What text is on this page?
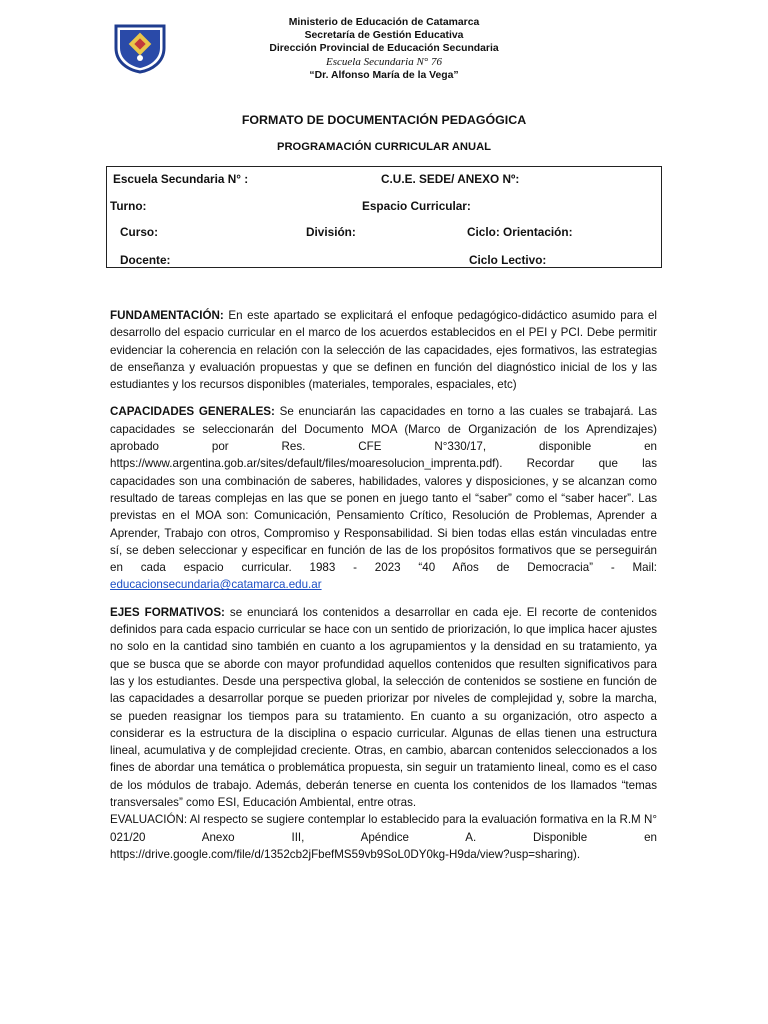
Ministerio de Educación de Catamarca
Secretaría de Gestión Educativa
Dirección Provincial de Educación Secundaria
Escuela Secundaria N° 76
“Dr. Alfonso María de la Vega”
FORMATO DE DOCUMENTACIÓN PEDAGÓGICA
PROGRAMACIÓN CURRICULAR ANUAL
Escuela Secundaria N° :	C.U.E. SEDE/ ANEXO Nº:
Turno:	Espacio Curricular:
Curso:	División:	Ciclo: Orientación:
Docente:	Ciclo Lectivo:

FUNDAMENTACIÓN: En este apartado se explicitará el enfoque pedagógico-didáctico asumido para el desarrollo del espacio curricular en el marco de los acuerdos establecidos en el PEI y PCI. Debe permitir evidenciar la coherencia en relación con la selección de las capacidades, ejes formativos, las estrategias de enseñanza y evaluación propuestas y que se definen en función del diagnóstico inicial de los y las estudiantes y los recursos disponibles (materiales, temporales, espaciales, etc)

CAPACIDADES GENERALES: Se enunciarán las capacidades en torno a las cuales se trabajará. Las capacidades se seleccionarán del Documento MOA (Marco de Organización de los Aprendizajes) aprobado por Res. CFE N°330/17, disponible en https://www.argentina.gob.ar/sites/default/files/moaresolucion_imprenta.pdf). Recordar que las capacidades son una combinación de saberes, habilidades, valores y disposiciones, y se alcanzan como resultado de tareas complejas en las que se ponen en juego tanto el “saber” como el “saber hacer”. Las previstas en el MOA son: Comunicación, Pensamiento Crítico, Resolución de Problemas, Aprender a Aprender, Trabajo con otros, Compromiso y Responsabilidad. Si bien todas ellas están vinculadas entre sí, se deben seleccionar y especificar en función de las de los propósitos formativos que se perseguirán en cada espacio curricular. 1983 - 2023 “40 Años de Democracia” - Mail: educacionsecundaria@catamarca.edu.ar

EJES FORMATIVOS: se enunciará los contenidos a desarrollar en cada eje. El recorte de contenidos definidos para cada espacio curricular se hace con un sentido de priorización, lo que implica hacer ajustes no solo en la cantidad sino también en cuanto a los agrupamientos y la densidad en su tratamiento, ya que se busca que se aborde con mayor profundidad aquellos contenidos que resulten significativos para las y los estudiantes. Desde una perspectiva global, la selección de contenidos se sostiene en función de las capacidades a desarrollar porque se pueden priorizar por niveles de complejidad y, sobre la marcha, se pueden reasignar los tiempos para su tratamiento. En cuanto a su organización, otro aspecto a considerar es la estructura de la disciplina o espacio curricular. Algunas de ellas tienen una estructura lineal, acumulativa y de complejidad creciente. Otras, en cambio, abarcan contenidos seleccionados a los fines de abordar una temática o problemática propuesta, sin seguir un tratamiento lineal, como es el caso de los módulos de trabajo. Además, deberán tenerse en cuenta los contenidos de los llamados “temas transversales” como ESI, Educación Ambiental, entre otras.
EVALUACIÓN: Al respecto se sugiere contemplar lo establecido para la evaluación formativa en la R.M N° 021/20 Anexo III, Apéndice A. Disponible en https://drive.google.com/file/d/1352cb2jFbefMS59vb9SoL0DY0kg-H9da/view?usp=sharing).
